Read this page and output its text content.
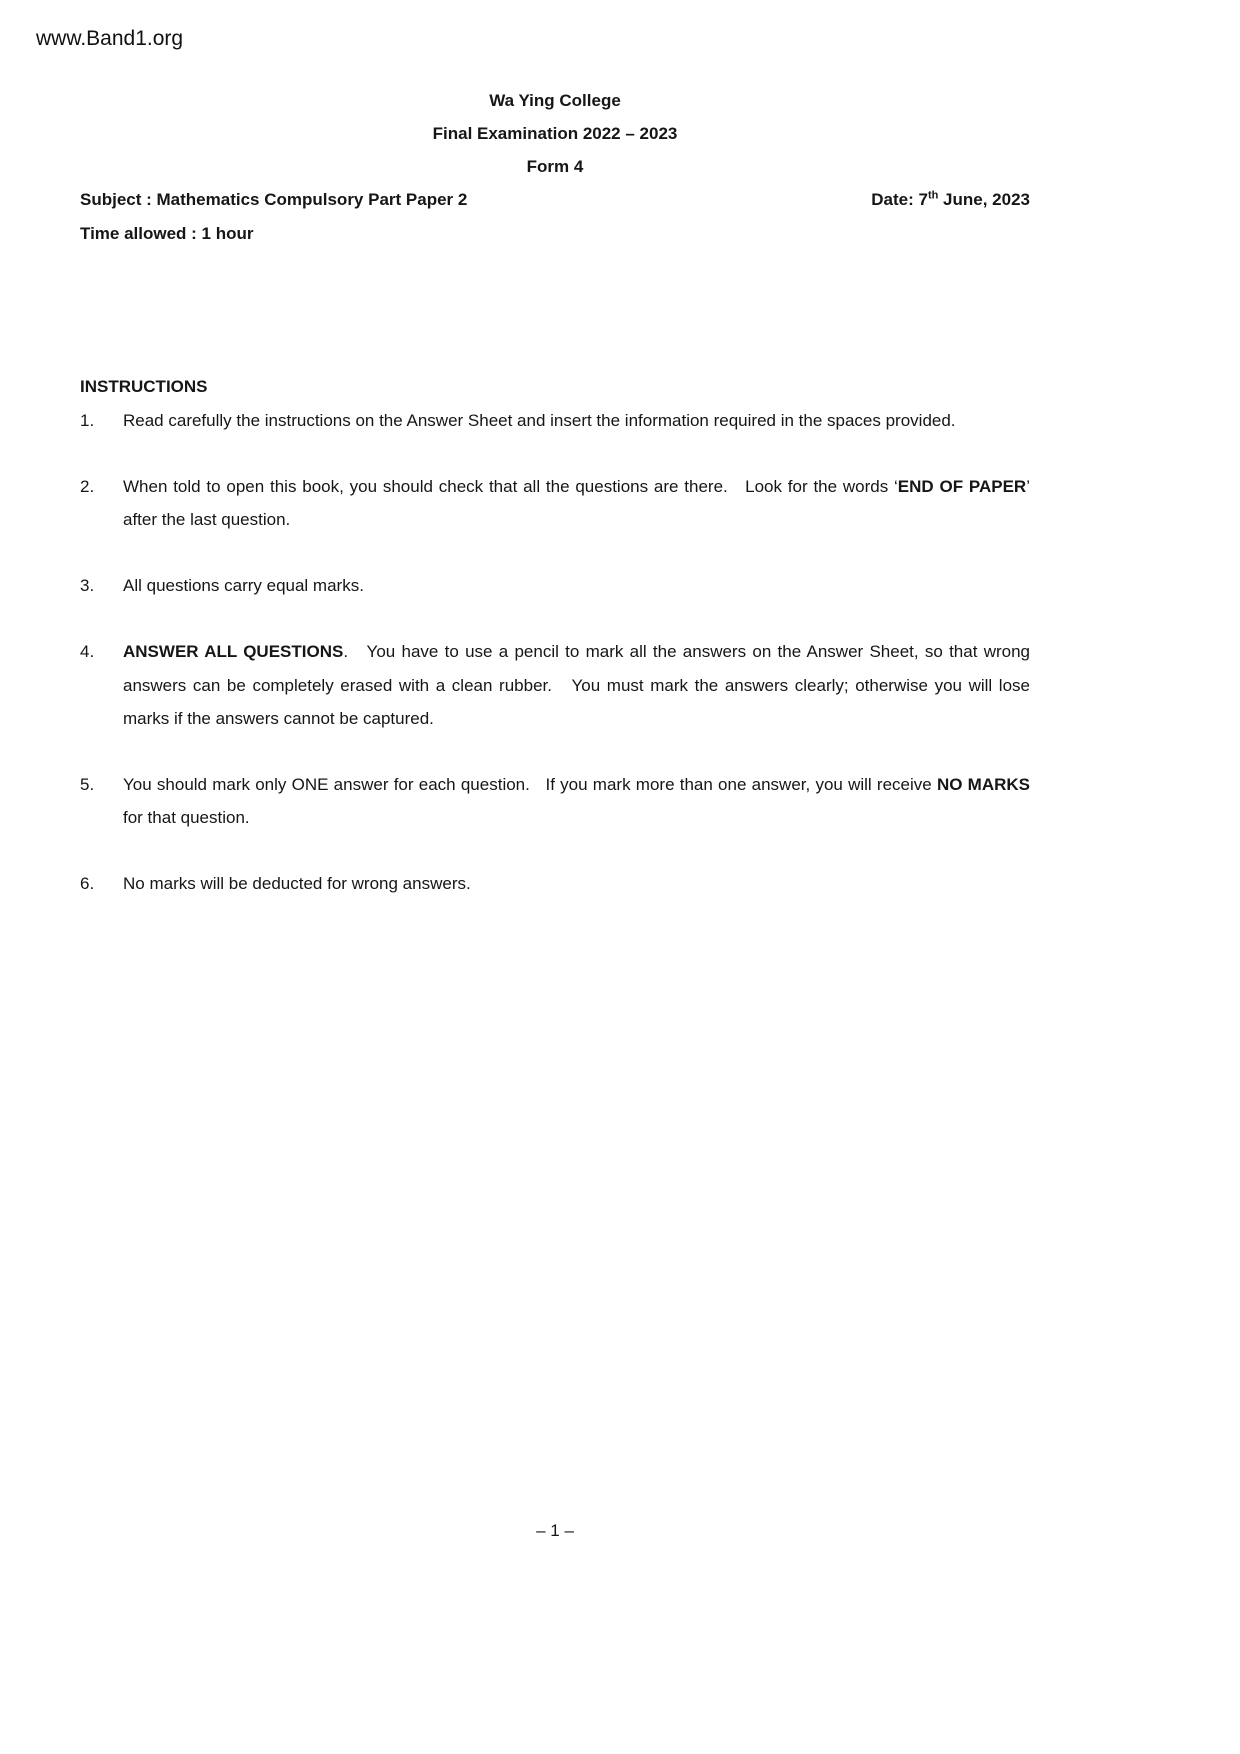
www.Band1.org
Wa Ying College
Final Examination 2022 – 2023
Form 4
Subject : Mathematics Compulsory Part Paper 2	Date: 7th June, 2023
Time allowed : 1 hour
INSTRUCTIONS
1.	Read carefully the instructions on the Answer Sheet and insert the information required in the spaces provided.
2.	When told to open this book, you should check that all the questions are there.   Look for the words ‘END OF PAPER’ after the last question.
3.	All questions carry equal marks.
4.	ANSWER ALL QUESTIONS.   You have to use a pencil to mark all the answers on the Answer Sheet, so that wrong answers can be completely erased with a clean rubber.   You must mark the answers clearly; otherwise you will lose marks if the answers cannot be captured.
5.	You should mark only ONE answer for each question.   If you mark more than one answer, you will receive NO MARKS for that question.
6.	No marks will be deducted for wrong answers.
– 1 –
